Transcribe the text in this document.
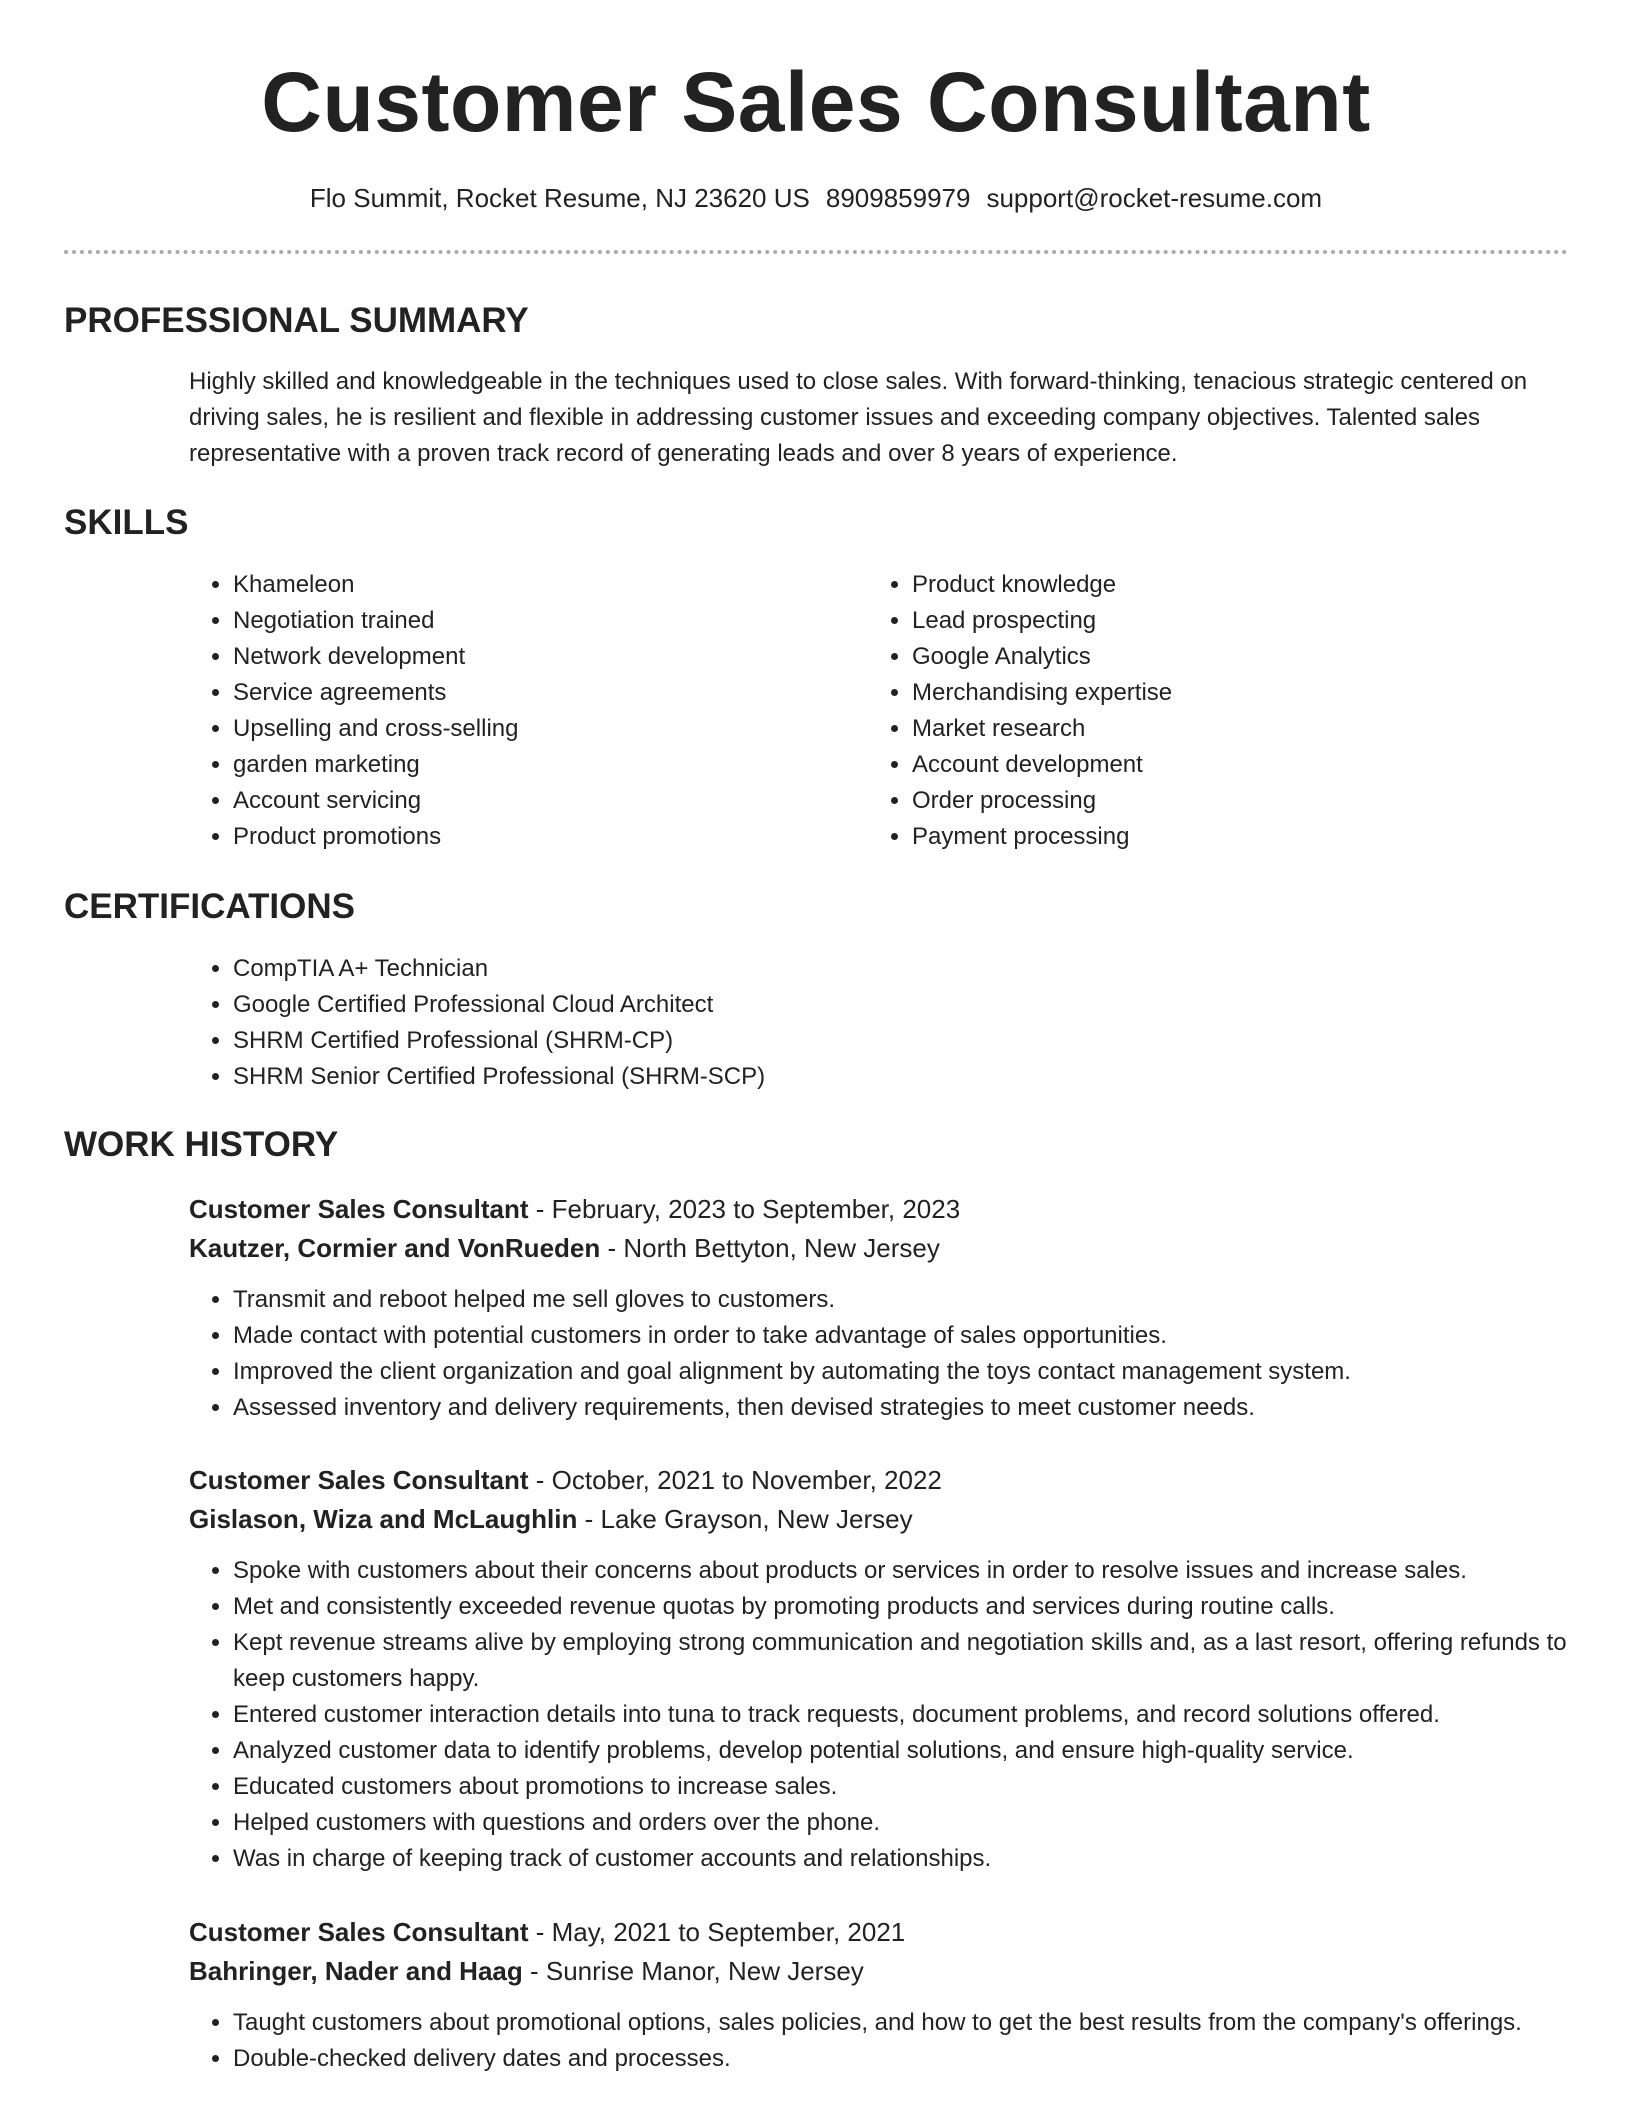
Customer Sales Consultant
Flo Summit, Rocket Resume, NJ 23620 US 8909859979 support@rocket-resume.com
PROFESSIONAL SUMMARY
Highly skilled and knowledgeable in the techniques used to close sales. With forward-thinking, tenacious strategic centered on driving sales, he is resilient and flexible in addressing customer issues and exceeding company objectives. Talented sales representative with a proven track record of generating leads and over 8 years of experience.
SKILLS
• Khameleon
• Negotiation trained
• Network development
• Service agreements
• Upselling and cross-selling
• garden marketing
• Account servicing
• Product promotions
• Product knowledge
• Lead prospecting
• Google Analytics
• Merchandising expertise
• Market research
• Account development
• Order processing
• Payment processing
CERTIFICATIONS
• CompTIA A+ Technician
• Google Certified Professional Cloud Architect
• SHRM Certified Professional (SHRM-CP)
• SHRM Senior Certified Professional (SHRM-SCP)
WORK HISTORY
Customer Sales Consultant - February, 2023 to September, 2023
Kautzer, Cormier and VonRueden - North Bettyton, New Jersey
• Transmit and reboot helped me sell gloves to customers.
• Made contact with potential customers in order to take advantage of sales opportunities.
• Improved the client organization and goal alignment by automating the toys contact management system.
• Assessed inventory and delivery requirements, then devised strategies to meet customer needs.
Customer Sales Consultant - October, 2021 to November, 2022
Gislason, Wiza and McLaughlin - Lake Grayson, New Jersey
• Spoke with customers about their concerns about products or services in order to resolve issues and increase sales.
• Met and consistently exceeded revenue quotas by promoting products and services during routine calls.
• Kept revenue streams alive by employing strong communication and negotiation skills and, as a last resort, offering refunds to keep customers happy.
• Entered customer interaction details into tuna to track requests, document problems, and record solutions offered.
• Analyzed customer data to identify problems, develop potential solutions, and ensure high-quality service.
• Educated customers about promotions to increase sales.
• Helped customers with questions and orders over the phone.
• Was in charge of keeping track of customer accounts and relationships.
Customer Sales Consultant - May, 2021 to September, 2021
Bahringer, Nader and Haag - Sunrise Manor, New Jersey
• Taught customers about promotional options, sales policies, and how to get the best results from the company's offerings.
• Double-checked delivery dates and processes.
